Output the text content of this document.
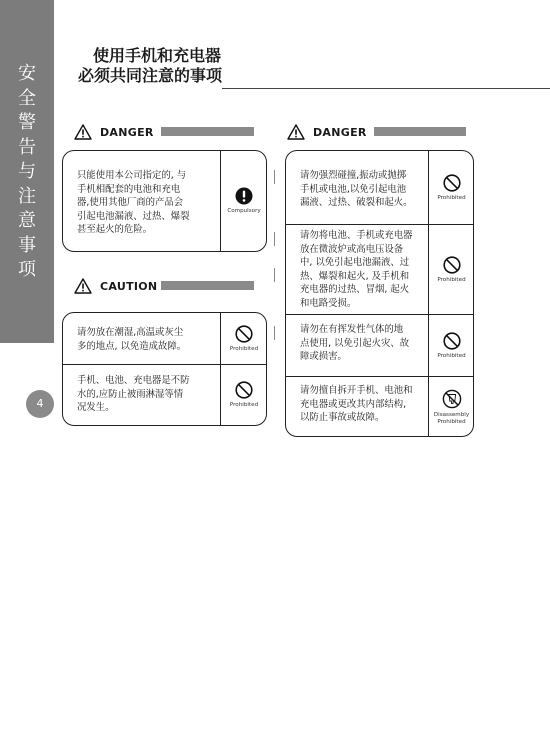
安
全
警
告
与
注
意
事
项
4
使用手机和充电器
必须共同注意的事项
DANGER
只能使用本公司指定的, 与
手机相配套的电池和充电
器,使用其他厂商的产品会
引起电池漏液、过热、爆裂
甚至起火的危险。
Compulsory
CAUTION
请勿放在潮湿,高温或灰尘
多的地点, 以免造成故障。	Prohibited
手机、电池、充电器是不防
水的,应防止被雨淋湿等情
况发生。	Prohibited
DANGER
请勿强烈碰撞,振动或抛掷
手机或电池,以免引起电池
漏液、过热、破裂和起火。	Prohibited
请勿将电池、手机或充电器
放在微波炉或高电压设备
中, 以免引起电池漏液、过
热、爆裂和起火, 及手机和
充电器的过热、冒烟, 起火
和电路受损。
Prohibited
请勿在有挥发性气体的地
点使用, 以免引起火灾、故
障或损害。	Prohibited
请勿擅自拆开手机、电池和
充电器或更改其内部结构,
以防止事故或故障。	Disassembly
Prohibited
